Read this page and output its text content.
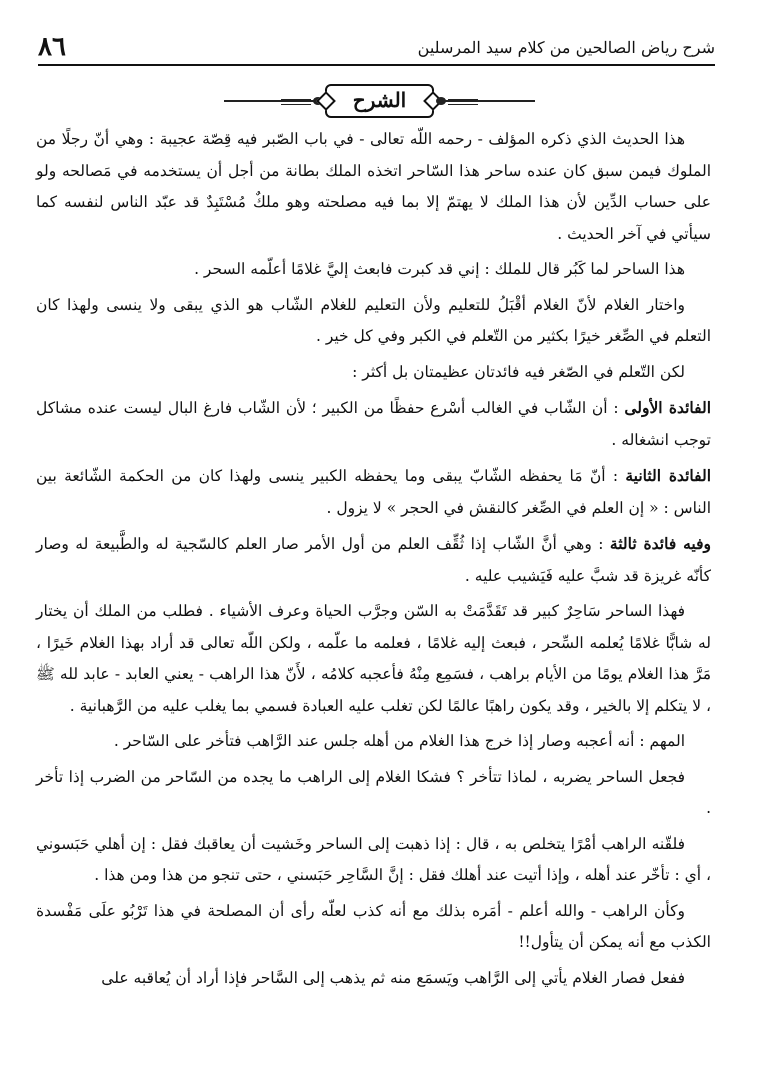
شرح رياض الصالحين من كلام سيد المرسلين
٨٦
الشرح

هذا الحديث الذي ذكره المؤلف - رحمه اللّه تعالى - في باب الصّبر فيه قِصّة عجيبة : وهي أنّ رجلًا من الملوك فيمن سبق كان عنده ساحر هذا السّاحر اتخذه الملك بطانة من أجل أن يستخدمه في مَصالحه ولو على حساب الدِّين لأن هذا الملك لا يهتمّ إلا بما فيه مصلحته وهو ملكٌ مُسْتَبِدٌ قد عبّد الناس لنفسه كما سيأتي في آخر الحديث .

هذا الساحر لما كَبُر قال للملك : إني قد كبرت فابعث إليَّ غلامًا أعلّمه السحر .

واختار الغلام لأنّ الغلام أقْبَلُ للتعليم ولأن التعليم للغلام الشّاب هو الذي يبقى ولا ينسى ولهذا كان التعلم في الصِّغر خيرًا بكثير من التّعلم في الكبر وفي كل خير .

لكن التّعلم في الصّغر فيه فائدتان عظيمتان بل أكثر :

الفائدة الأولى : أن الشّاب في الغالب أسْرع حفظًا من الكبير ؛ لأن الشّاب فارغ البال ليست عنده مشاكل توجب انشغاله .

الفائدة الثانية : أنّ مَا يحفظه الشّابّ يبقى وما يحفظه الكبير ينسى ولهذا كان من الحكمة الشّائعة بين الناس : « إن العلم في الصِّغر كالنقش في الحجر » لا يزول .

وفيه فائدة ثالثة : وهي أنَّ الشّاب إذا ثُقِّف العلم من أول الأمر صار العلم كالسّجية له والطَّبيعة له وصار كأنّه غريزة قد شبَّ عليه فَيَشيب عليه .

فهذا الساحر سَاحِرٌ كبير قد تَقَدَّمَتْ به السّن وجرَّب الحياة وعرف الأشياء . فطلب من الملك أن يختار له شابًّا غلامًا يُعلمه السِّحر ، فبعث إليه غلامًا ، فعلمه ما علّمه ، ولكن اللّه تعالى قد أراد بهذا الغلام خَيرًا ، مَرَّ هذا الغلام يومًا من الأيام براهب ، فسَمِع مِنْهُ فأعجبه كلامُه ، لأَنّ هذا الراهب - يعني العابد - عابد لله ﷺ ، لا يتكلم إلا بالخير ، وقد يكون راهبًا عالمًا لكن تغلب عليه العبادة فسمي بما يغلب عليه من الرَّهبانية .

المهم : أنه أعجبه وصار إذا خرج هذا الغلام من أهله جلس عند الرَّاهب فتأخر على السّاحر .

فجعل الساحر يضربه ، لماذا تتأخر ؟ فشكا الغلام إلى الراهب ما يجده من السّاحر من الضرب إذا تأخر .

فلقّنه الراهب أمْرًا يتخلص به ، قال : إذا ذهبت إلى الساحر وخَشيت أن يعاقبك فقل : إن أهلي حَبَسوني ، أي : تأخّر عند أهله ، وإذا أتيت عند أهلك فقل : إنَّ السَّاحِر حَبَسني ، حتى تنجو من هذا ومن هذا .

وكأن الراهب - والله أعلم - أمَره بذلك مع أنه كذب لعلّه رأى أن المصلحة في هذا تَرْبُو علَى مَفْسدة الكذب مع أنه يمكن أن يتأول!!

ففعل فصار الغلام يأتي إلى الرَّاهب ويَسمَع منه ثم يذهب إلى السَّاحر فإذا أراد أن يُعاقبه على
